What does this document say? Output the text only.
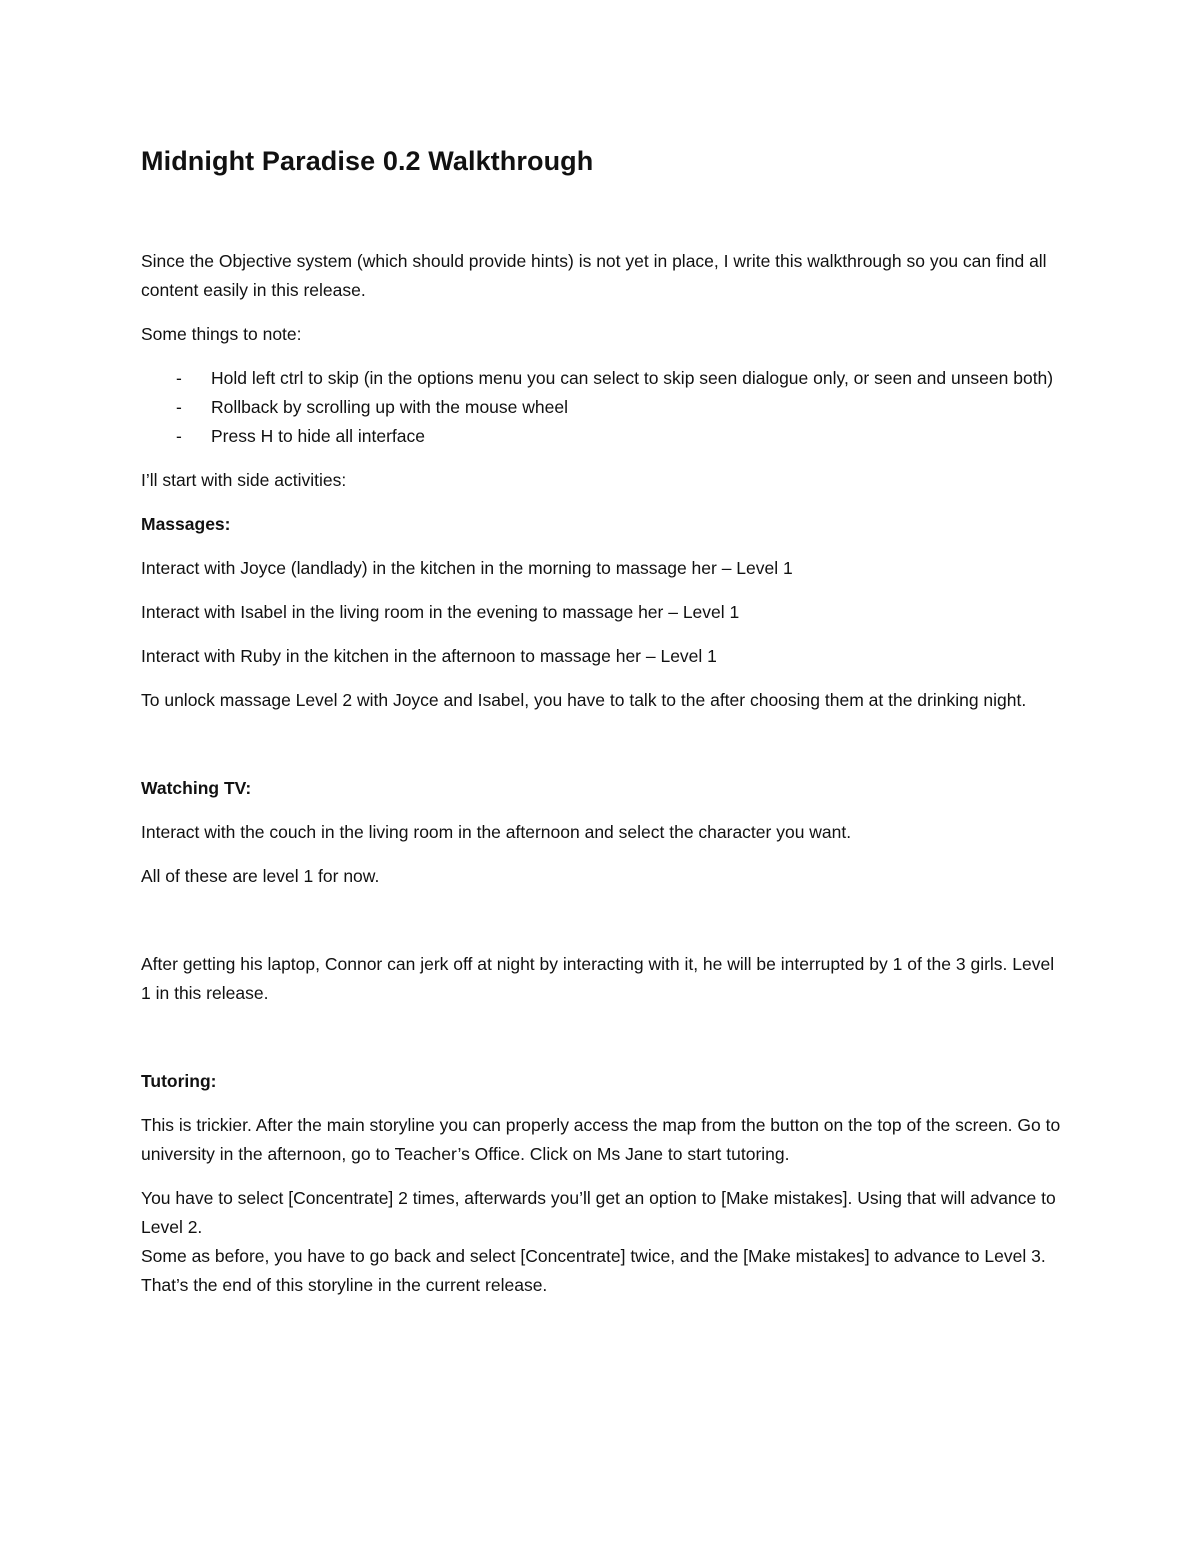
Midnight Paradise 0.2 Walkthrough

Since the Objective system (which should provide hints) is not yet in place, I write this walkthrough so you can find all content easily in this release.

Some things to note:

- Hold left ctrl to skip (in the options menu you can select to skip seen dialogue only, or seen and unseen both)
- Rollback by scrolling up with the mouse wheel
- Press H to hide all interface

I’ll start with side activities:

Massages:

Interact with Joyce (landlady) in the kitchen in the morning to massage her – Level 1

Interact with Isabel in the living room in the evening to massage her – Level 1

Interact with Ruby in the kitchen in the afternoon to massage her – Level 1

To unlock massage Level 2 with Joyce and Isabel, you have to talk to the after choosing them at the drinking night.

Watching TV:

Interact with the couch in the living room in the afternoon and select the character you want.

All of these are level 1 for now.

After getting his laptop, Connor can jerk off at night by interacting with it, he will be interrupted by 1 of the 3 girls. Level 1 in this release.

Tutoring:

This is trickier. After the main storyline you can properly access the map from the button on the top of the screen. Go to university in the afternoon, go to Teacher’s Office. Click on Ms Jane to start tutoring.

You have to select [Concentrate] 2 times, afterwards you’ll get an option to [Make mistakes]. Using that will advance to Level 2.

Some as before, you have to go back and select [Concentrate] twice, and the [Make mistakes] to advance to Level 3. That’s the end of this storyline in the current release.
